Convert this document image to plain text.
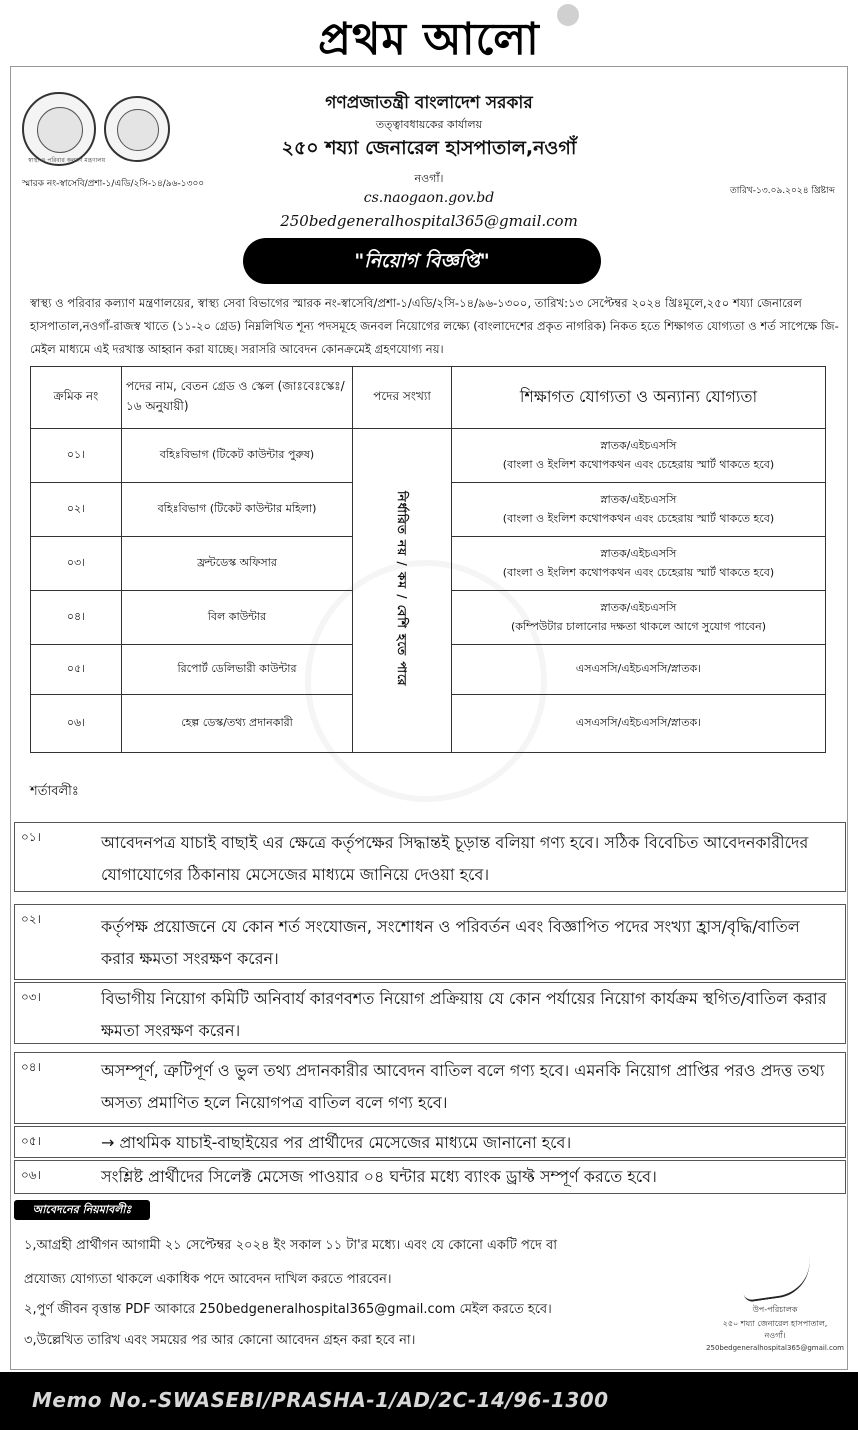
প্রথম আলো
স্বাস্থ্য ও পরিবার কল্যাণ মন্ত্রণালয়
গণপ্রজাতন্ত্রী বাংলাদেশ সরকার
তত্ত্বাবধায়কের কার্যালয়
২৫০ শয্যা জেনারেল হাসপাতাল,নওগাঁ
নওগাঁ।
cs.naogaon.gov.bd
250bedgeneralhospital365@gmail.com
স্মারক নং-স্বাসেবি/প্রশা-১/এডি/২সি-১৪/৯৬-১৩০০
তারিখ-১৩.০৯.২০২৪ খ্রিষ্টাব্দ
"নিয়োগ বিজ্ঞপ্তি"
স্বাস্থ্য ও পরিবার কল্যাণ মন্ত্রণালয়ের, স্বাস্থ্য সেবা বিভাগের স্মারক নং-স্বাসেবি/প্রশা-১/এডি/২সি-১৪/৯৬-১৩০০, তারিখ:১৩ সেপ্টেম্বর ২০২৪ খ্রিঃমূলে,২৫০ শয্যা জেনারেল হাসপাতাল,নওগাঁ-রাজস্ব খাতে (১১-২০ গ্রেড) নিম্নলিখিত শূন্য পদসমূহে জনবল নিয়োগের লক্ষ্যে (বাংলাদেশের প্রকৃত নাগরিক) নিকত হতে শিক্ষাগত যোগ্যতা ও শর্ত সাপেক্ষে জি-মেইল মাধ্যমে এই দরখাস্ত আহ্বান করা যাচ্ছে। সরাসরি আবেদন কোনক্রমেই গ্রহণযোগ্য নয়।
ক্রমিক নং	পদের নাম, বেতন গ্রেড ও স্কেল (জাঃবেঃস্কেঃ/১৬ অনুযায়ী)	পদের সংখ্যা	শিক্ষাগত যোগ্যতা ও অন্যান্য যোগ্যতা
০১।	বহিঃবিভাগ (টিকেট কাউন্টার পুরুষ)	নির্ধারিত নয় / কম / বেশি হতে পারে	স্নাতক/এইচএসসি
(বাংলা ও ইংলিশ কথোপকথন এবং চেহেরায় স্মার্ট থাকতে হবে)

০২।	বহিঃবিভাগ (টিকেট কাউন্টার মহিলা)		স্নাতক/এইচএসসি
(বাংলা ও ইংলিশ কথোপকথন এবং চেহেরায় স্মার্ট থাকতে হবে)

০৩।	ফ্রন্টডেস্ক অফিসার		স্নাতক/এইচএসসি
(বাংলা ও ইংলিশ কথোপকথন এবং চেহেরায় স্মার্ট থাকতে হবে)

০৪।	বিল কাউন্টার		স্নাতক/এইচএসসি
(কম্পিউটার চালানোর দক্ষতা থাকলে আগে সুযোগ পাবেন)

০৫।	রিপোর্ট ডেলিভারী কাউন্টার		এসএসসি/এইচএসসি/স্নাতক।

০৬।	হেল্প ডেস্ক/তথ্য প্রদানকারী		এসএসসি/এইচএসসি/স্নাতক।
শর্তাবলীঃ
০১।	আবেদনপত্র যাচাই বাছাই এর ক্ষেত্রে কর্তৃপক্ষের সিদ্ধান্তই চূড়ান্ত বলিয়া গণ্য হবে। সঠিক বিবেচিত আবেদনকারীদের যোগাযোগের ঠিকানায় মেসেজের মাধ্যমে জানিয়ে দেওয়া হবে।
০২।	কর্তৃপক্ষ প্রয়োজনে যে কোন শর্ত সংযোজন, সংশোধন ও পরিবর্তন এবং বিজ্ঞাপিত পদের সংখ্যা হ্রাস/বৃদ্ধি/বাতিল করার ক্ষমতা সংরক্ষণ করেন।
০৩।	বিভাগীয় নিয়োগ কমিটি অনিবার্য কারণবশত নিয়োগ প্রক্রিয়ায় যে কোন পর্যায়ের নিয়োগ কার্যক্রম স্থগিত/বাতিল করার ক্ষমতা সংরক্ষণ করেন।
০৪।	অসম্পূর্ণ, ত্রুটিপূর্ণ ও ভুল তথ্য প্রদানকারীর আবেদন বাতিল বলে গণ্য হবে। এমনকি নিয়োগ প্রাপ্তির পরও প্রদত্ত তথ্য অসত্য প্রমাণিত হলে নিয়োগপত্র বাতিল বলে গণ্য হবে।
০৫।	→ প্রাথমিক যাচাই-বাছাইয়ের পর প্রার্থীদের মেসেজের মাধ্যমে জানানো হবে।
০৬।	সংশ্লিষ্ট প্রার্থীদের সিলেক্ট মেসেজ পাওয়ার ০৪ ঘন্টার মধ্যে ব্যাংক ড্রাফ্ট সম্পূর্ণ করতে হবে।
আবেদনের নিয়মাবলীঃ
১,আগ্রহী প্রার্থীগন আগামী ২১ সেপ্টেম্বর ২০২৪ ইং সকাল ১১ টা'র মধ্যে। এবং যে কোনো একটি পদে বা
প্রযোজ্য যোগ্যতা থাকলে একাধিক পদে আবেদন দাখিল করতে পারবেন।
২,পুর্ণ জীবন বৃত্তান্ত PDF আকারে 250bedgeneralhospital365@gmail.com মেইল করতে হবে।
৩,উল্লেখিত তারিখ এবং সময়ের পর আর কোনো আবেদন গ্রহন করা হবে না।
উপ-পরিচালক
২৫০ শয্যা জেনারেল হাসপাতাল,
নওগাঁ।
250bedgeneralhospital365@gmail.com
Memo No.-SWASEBI/PRASHA-1/AD/2C-14/96-1300
